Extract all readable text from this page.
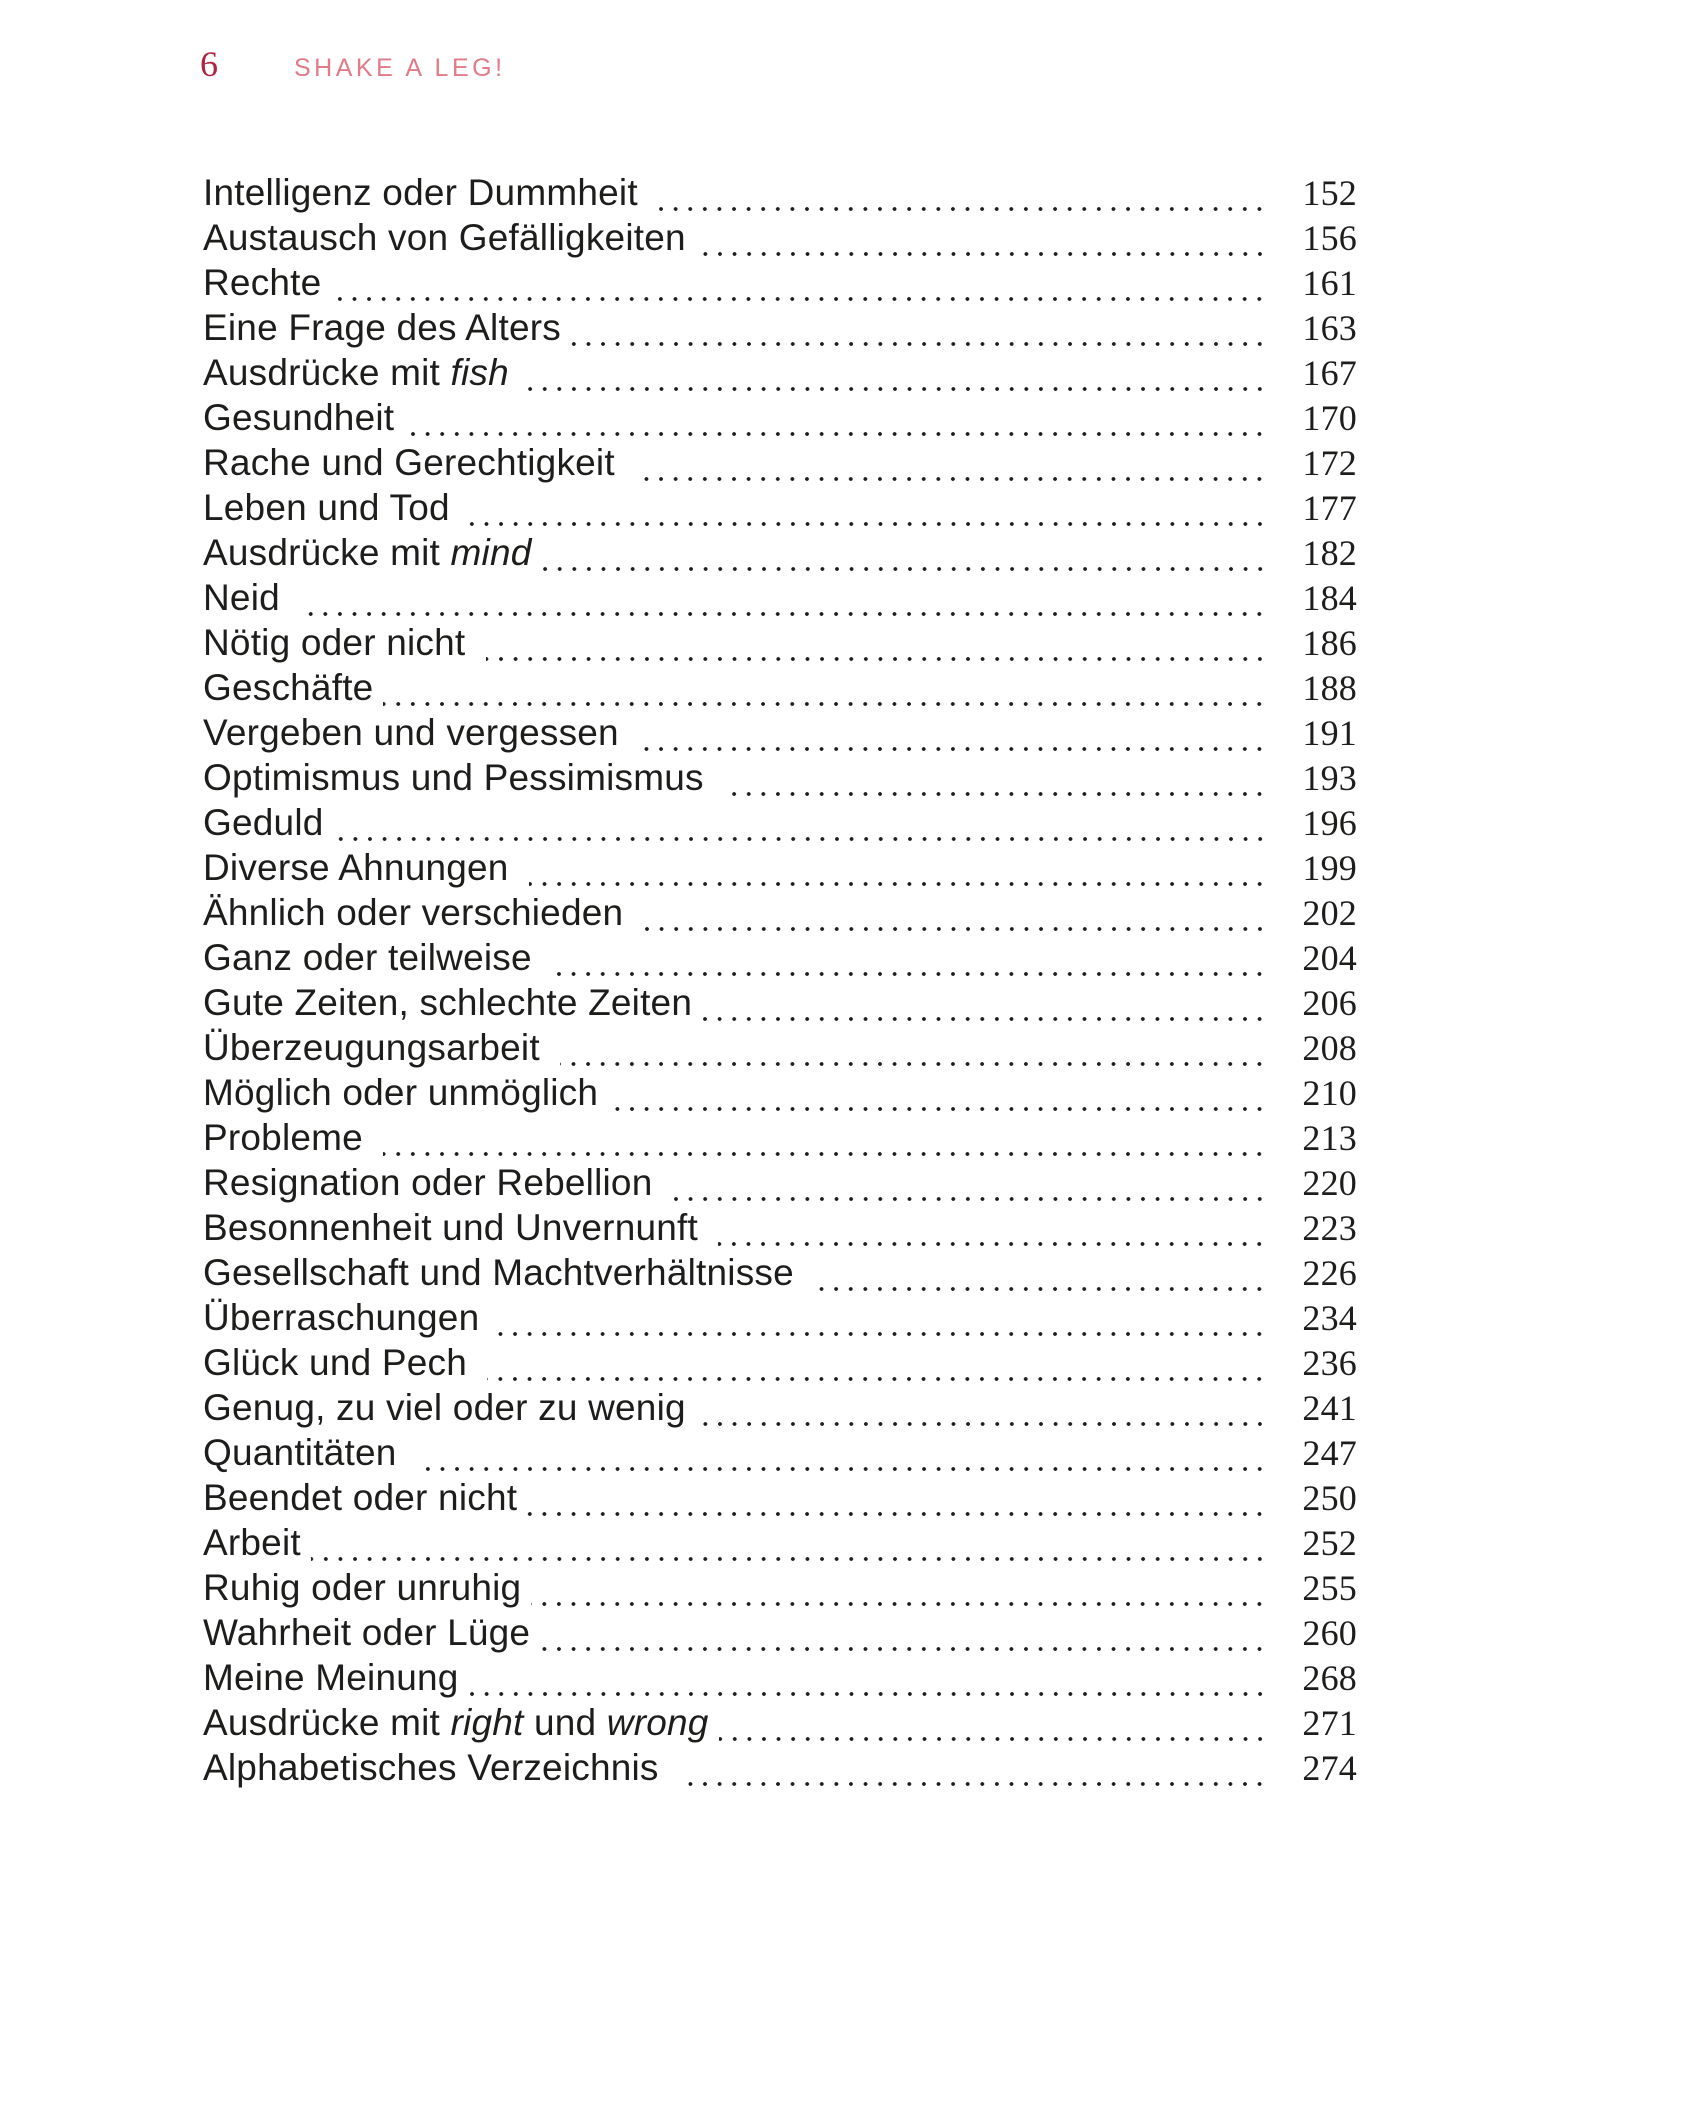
6	SHAKE A LEG!
Intelligenz oder Dummheit	152
Austausch von Gefälligkeiten	156
Rechte	161
Eine Frage des Alters	163
Ausdrücke mit fish	167
Gesundheit	170
Rache und Gerechtigkeit	172
Leben und Tod	177
Ausdrücke mit mind	182
Neid	184
Nötig oder nicht	186
Geschäfte	188
Vergeben und vergessen	191
Optimismus und Pessimismus	193
Geduld	196
Diverse Ahnungen	199
Ähnlich oder verschieden	202
Ganz oder teilweise	204
Gute Zeiten, schlechte Zeiten	206
Überzeugungsarbeit	208
Möglich oder unmöglich	210
Probleme	213
Resignation oder Rebellion	220
Besonnenheit und Unvernunft	223
Gesellschaft und Machtverhältnisse	226
Überraschungen	234
Glück und Pech	236
Genug, zu viel oder zu wenig	241
Quantitäten	247
Beendet oder nicht	250
Arbeit	252
Ruhig oder unruhig	255
Wahrheit oder Lüge	260
Meine Meinung	268
Ausdrücke mit right und wrong	271
Alphabetisches Verzeichnis	274
